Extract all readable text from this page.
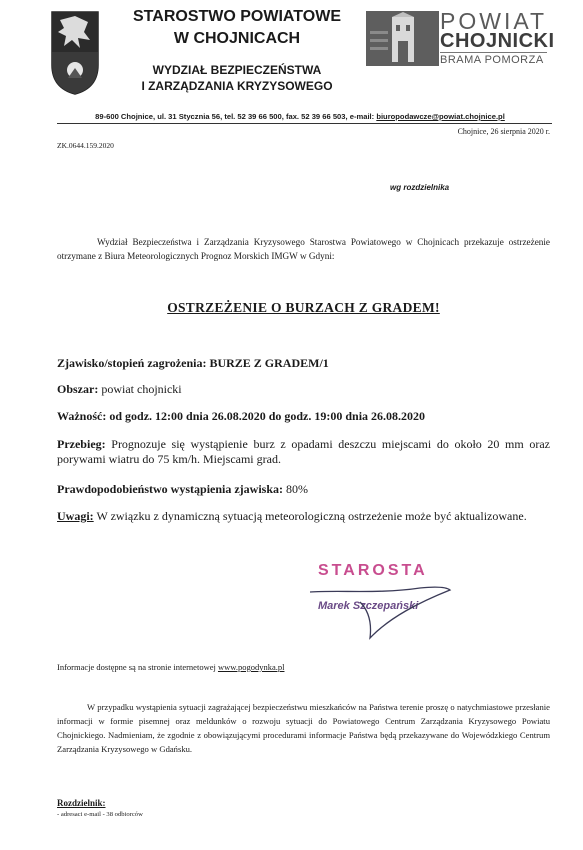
STAROSTWO POWIATOWE
W CHOJNICACH
WYDZIAŁ BEZPIECZEŃSTWA
I ZARZĄDZANIA KRYZYSOWEGO
POWIAT
CHOJNICKI
BRAMA POMORZA
89-600 Chojnice, ul. 31 Stycznia 56, tel. 52 39 66 500, fax. 52 39 66 503, e-mail: biuropodawcze@powiat.chojnice.pl
Chojnice, 26 sierpnia 2020 r.
ZK.0644.159.2020
wg rozdzielnika
Wydział Bezpieczeństwa i Zarządzania Kryzysowego Starostwa Powiatowego w Chojnicach przekazuje ostrzeżenie otrzymane z Biura Meteorologicznych Prognoz Morskich IMGW w Gdyni:
OSTRZEŻENIE O BURZACH Z GRADEM!
Zjawisko/stopień zagrożenia: BURZE Z GRADEM/1
Obszar: powiat chojnicki
Ważność: od godz. 12:00 dnia 26.08.2020 do godz. 19:00 dnia 26.08.2020
Przebieg: Prognozuje się wystąpienie burz z opadami deszczu miejscami do około 20 mm oraz porywami wiatru do 75 km/h. Miejscami grad.
Prawdopodobieństwo wystąpienia zjawiska: 80%
Uwagi: W związku z dynamiczną sytuacją meteorologiczną ostrzeżenie może być aktualizowane.
STAROSTA
Marek Szczepański
Informacje dostępne są na stronie internetowej www.pogodynka.pl
W przypadku wystąpienia sytuacji zagrażającej bezpieczeństwu mieszkańców na Państwa terenie proszę o natychmiastowe przesłanie informacji w formie pisemnej oraz meldunków o rozwoju sytuacji do Powiatowego Centrum Zarządzania Kryzysowego Powiatu Chojnickiego. Nadmieniam, że zgodnie z obowiązującymi procedurami informacje Państwa będą przekazywane do Wojewódzkiego Centrum Zarządzania Kryzysowego w Gdańsku.
Rozdzielnik:
- adresaci e-mail - 38 odbiorców
